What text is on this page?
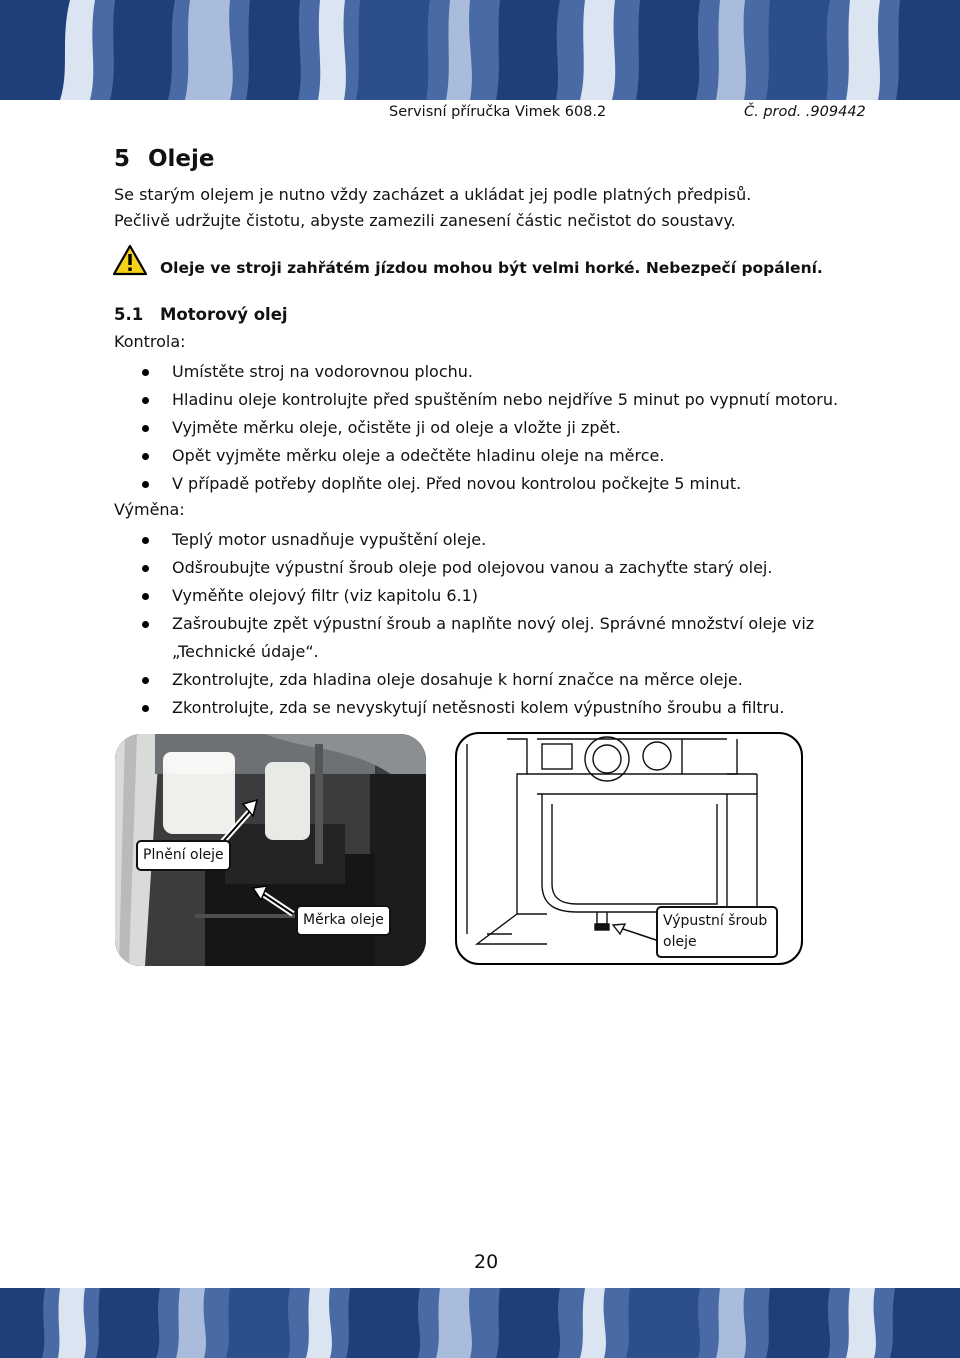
Servisní příručka Vimek 608.2	Č. prod. .909442
5 Oleje
Se starým olejem je nutno vždy zacházet a ukládat jej podle platných předpisů.
Pečlivě udržujte čistotu, abyste zamezili zanesení částic nečistot do soustavy.
Oleje ve stroji zahřátém jízdou mohou být velmi horké. Nebezpečí popálení.
5.1 Motorový olej
Kontrola:
Umístěte stroj na vodorovnou plochu.
Hladinu oleje kontrolujte před spuštěním nebo nejdříve 5 minut po vypnutí motoru.
Vyjměte měrku oleje, očistěte ji od oleje a vložte ji zpět.
Opět vyjměte měrku oleje a odečtěte hladinu oleje na měrce.
V případě potřeby doplňte olej. Před novou kontrolou počkejte 5 minut.
Výměna:
Teplý motor usnadňuje vypuštění oleje.
Odšroubujte výpustní šroub oleje pod olejovou vanou a zachyťte starý olej.
Vyměňte olejový filtr (viz kapitolu 6.1)
Zašroubujte zpět výpustní šroub a naplňte nový olej. Správné množství oleje viz
„Technické údaje“.
Zkontrolujte, zda hladina oleje dosahuje k horní značce na měrce oleje.
Zkontrolujte, zda se nevyskytují netěsnosti kolem výpustního šroubu a filtru.
Plnění oleje
Měrka oleje	Výpustní šroub oleje
20
